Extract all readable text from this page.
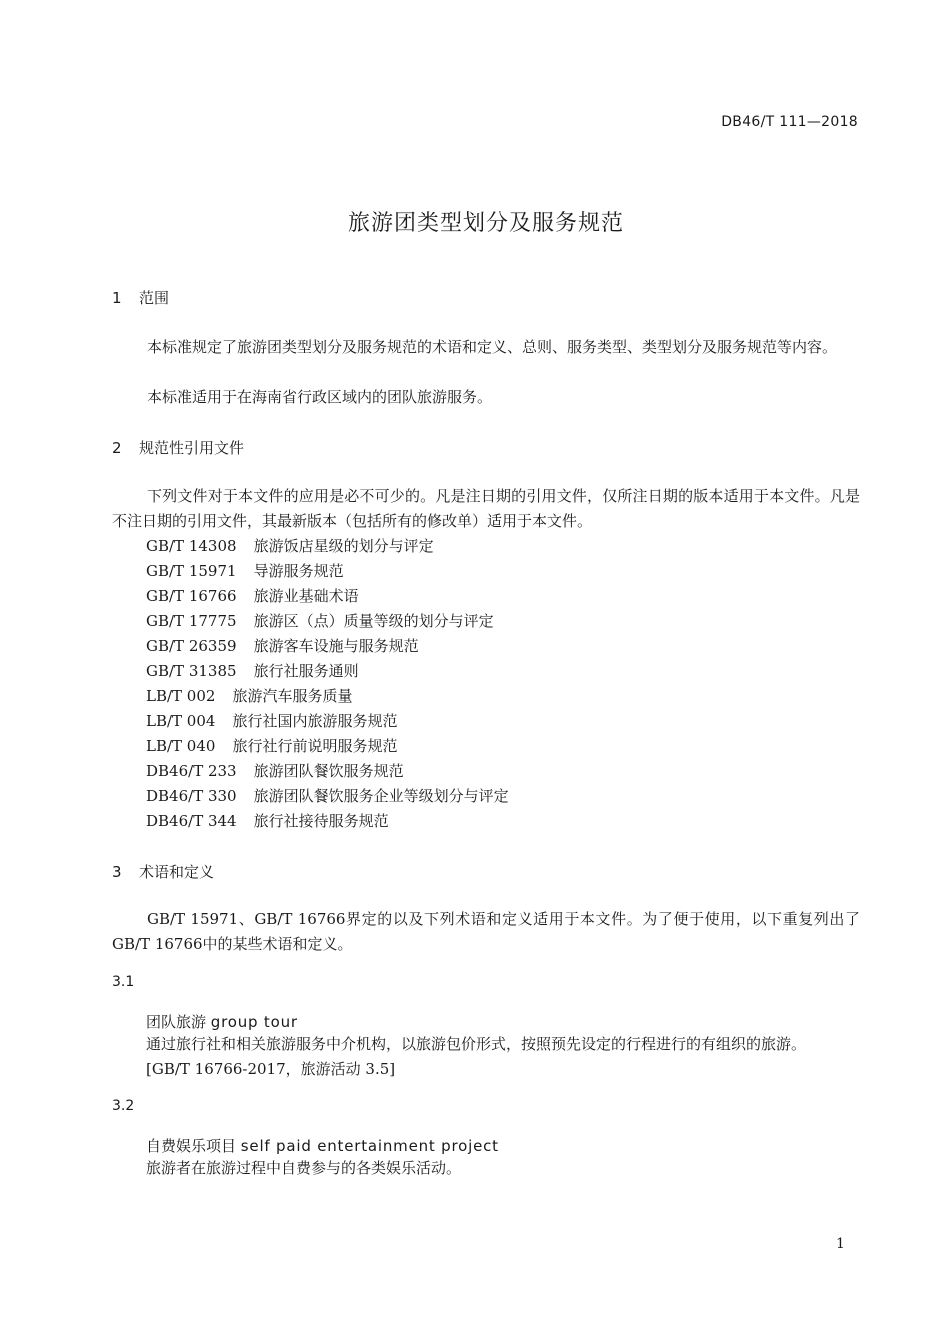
DB46/T 111—2018
旅游团类型划分及服务规范
1 范围
本标准规定了旅游团类型划分及服务规范的术语和定义、总则、服务类型、类型划分及服务规范等内容。
本标准适用于在海南省行政区域内的团队旅游服务。
2 规范性引用文件
下列文件对于本文件的应用是必不可少的。凡是注日期的引用文件，仅所注日期的版本适用于本文件。凡是不注日期的引用文件，其最新版本（包括所有的修改单）适用于本文件。
GB/T 14308 旅游饭店星级的划分与评定
GB/T 15971 导游服务规范
GB/T 16766 旅游业基础术语
GB/T 17775 旅游区（点）质量等级的划分与评定
GB/T 26359 旅游客车设施与服务规范
GB/T 31385 旅行社服务通则
LB/T 002 旅游汽车服务质量
LB/T 004 旅行社国内旅游服务规范
LB/T 040 旅行社行前说明服务规范
DB46/T 233 旅游团队餐饮服务规范
DB46/T 330 旅游团队餐饮服务企业等级划分与评定
DB46/T 344 旅行社接待服务规范
3 术语和定义
GB/T 15971、GB/T 16766界定的以及下列术语和定义适用于本文件。为了便于使用，以下重复列出了GB/T 16766中的某些术语和定义。
3.1
团队旅游 group tour
通过旅行社和相关旅游服务中介机构，以旅游包价形式，按照预先设定的行程进行的有组织的旅游。
[GB/T 16766-2017，旅游活动 3.5]
3.2
自费娱乐项目 self paid entertainment project
旅游者在旅游过程中自费参与的各类娱乐活动。
1
